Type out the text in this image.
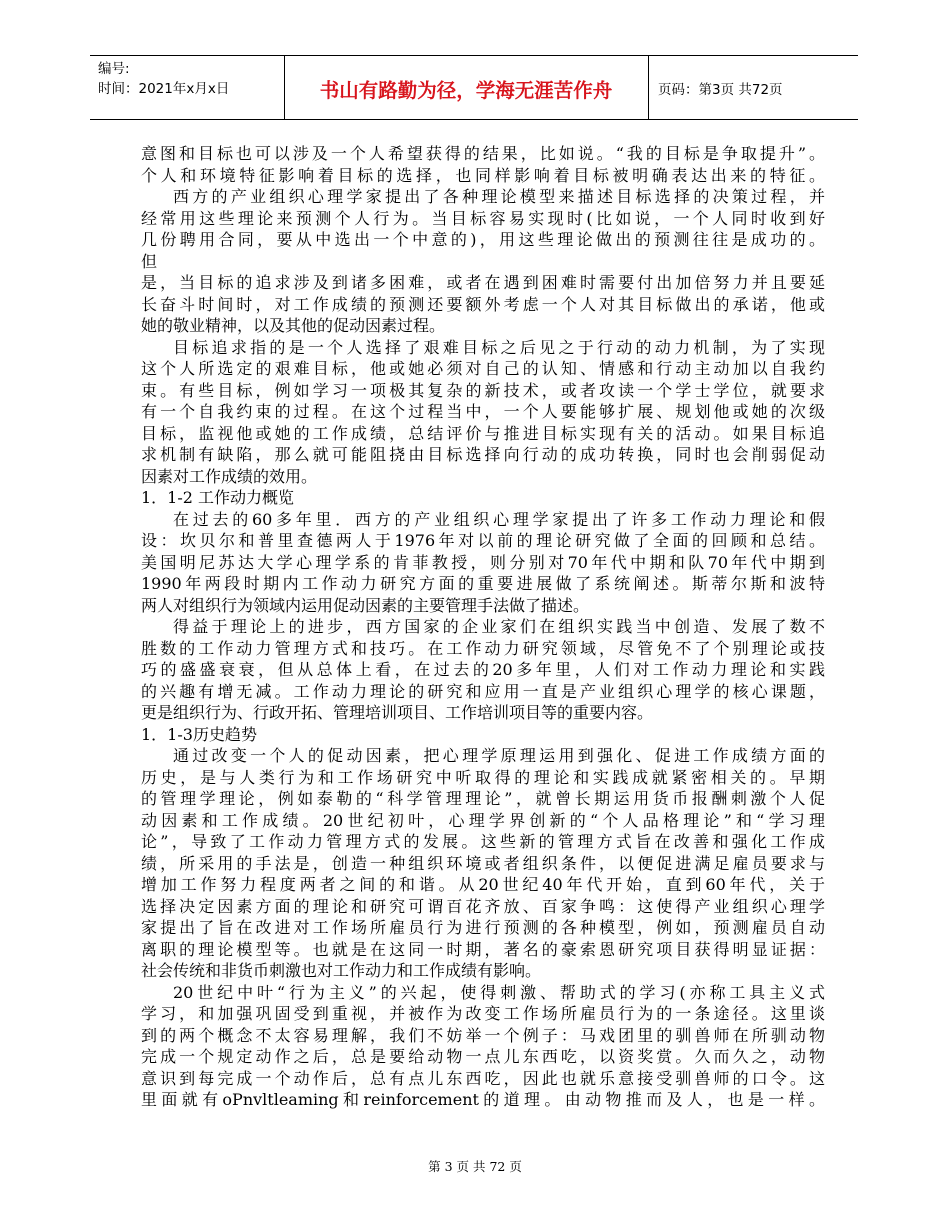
编号:
时间：2021年x月x日	书山有路勤为径，学海无涯苦作舟	页码：第3页 共72页
意图和目标也可以涉及一个人希望获得的结果，比如说。“我的目标是争取提升”。
个人和环境特征影响着目标的选择，也同样影响着目标被明确表达出来的特征。
西方的产业组织心理学家提出了各种理论模型来描述目标选择的决策过程，并
经常用这些理论来预测个人行为。当目标容易实现时(比如说，一个人同时收到好
几份聘用合同，要从中选出一个中意的)，用这些理论做出的预测往往是成功的。
但
是，当目标的追求涉及到诸多困难，或者在遇到困难时需要付出加倍努力并且要延
长奋斗时间时，对工作成绩的预测还要额外考虑一个人对其目标做出的承诺，他或
她的敬业精神，以及其他的促动因素过程。
目标追求指的是一个人选择了艰难目标之后见之于行动的动力机制，为了实现
这个人所选定的艰难目标，他或她必须对自己的认知、情感和行动主动加以自我约
束。有些目标，例如学习一项极其复杂的新技术，或者攻读一个学士学位，就要求
有一个自我约束的过程。在这个过程当中，一个人要能够扩展、规划他或她的次级
目标，监视他或她的工作成绩，总结评价与推进目标实现有关的活动。如果目标追
求机制有缺陷，那么就可能阻挠由目标选择向行动的成功转换，同时也会削弱促动
因素对工作成绩的效用。
1．1-2 工作动力概览
在过去的60多年里．西方的产业组织心理学家提出了许多工作动力理论和假
设：坎贝尔和普里查德两人于1976年对以前的理论研究做了全面的回顾和总结。
美国明尼苏达大学心理学系的肯菲教授，则分别对70年代中期和队70年代中期到
1990年两段时期内工作动力研究方面的重要进展做了系统阐述。斯蒂尔斯和波特
两人对组织行为领域内运用促动因素的主要管理手法做了描述。
得益于理论上的进步，西方国家的企业家们在组织实践当中创造、发展了数不
胜数的工作动力管理方式和技巧。在工作动力研究领域，尽管免不了个别理论或技
巧的盛盛衰衰，但从总体上看，在过去的20多年里，人们对工作动力理论和实践
的兴趣有增无减。工作动力理论的研究和应用一直是产业组织心理学的核心课题，
更是组织行为、行政开拓、管理培训项目、工作培训项目等的重要内容。
1．1-3历史趋势
通过改变一个人的促动因素，把心理学原理运用到强化、促进工作成绩方面的
历史，是与人类行为和工作场研究中听取得的理论和实践成就紧密相关的。早期
的管理学理论，例如泰勒的“科学管理理论”，就曾长期运用货币报酬刺激个人促
动因素和工作成绩。20世纪初叶，心理学界创新的“个人品格理论”和“学习理
论”，导致了工作动力管理方式的发展。这些新的管理方式旨在改善和强化工作成
绩，所采用的手法是，创造一种组织环境或者组织条件，以便促进满足雇员要求与
增加工作努力程度两者之间的和谐。从20世纪40年代开始，直到60年代，关于
选择决定因素方面的理论和研究可谓百花齐放、百家争鸣：这使得产业组织心理学
家提出了旨在改进对工作场所雇员行为进行预测的各种模型，例如，预测雇员自动
离职的理论模型等。也就是在这同一时期，著名的豪索恩研究项目获得明显证据：
社会传统和非货币刺激也对工作动力和工作成绩有影响。
20世纪中叶“行为主义”的兴起，使得刺激、帮助式的学习(亦称工具主义式
学习，和加强巩固受到重视，并被作为改变工作场所雇员行为的一条途径。这里谈
到的两个概念不太容易理解，我们不妨举一个例子：马戏团里的驯兽师在所驯动物
完成一个规定动作之后，总是要给动物一点儿东西吃，以资奖赏。久而久之，动物
意识到每完成一个动作后，总有点儿东西吃，因此也就乐意接受驯兽师的口令。这
里面就有oPnvltleaming和reinforcement的道理。由动物推而及人，也是一样。
第 3 页 共 72 页
